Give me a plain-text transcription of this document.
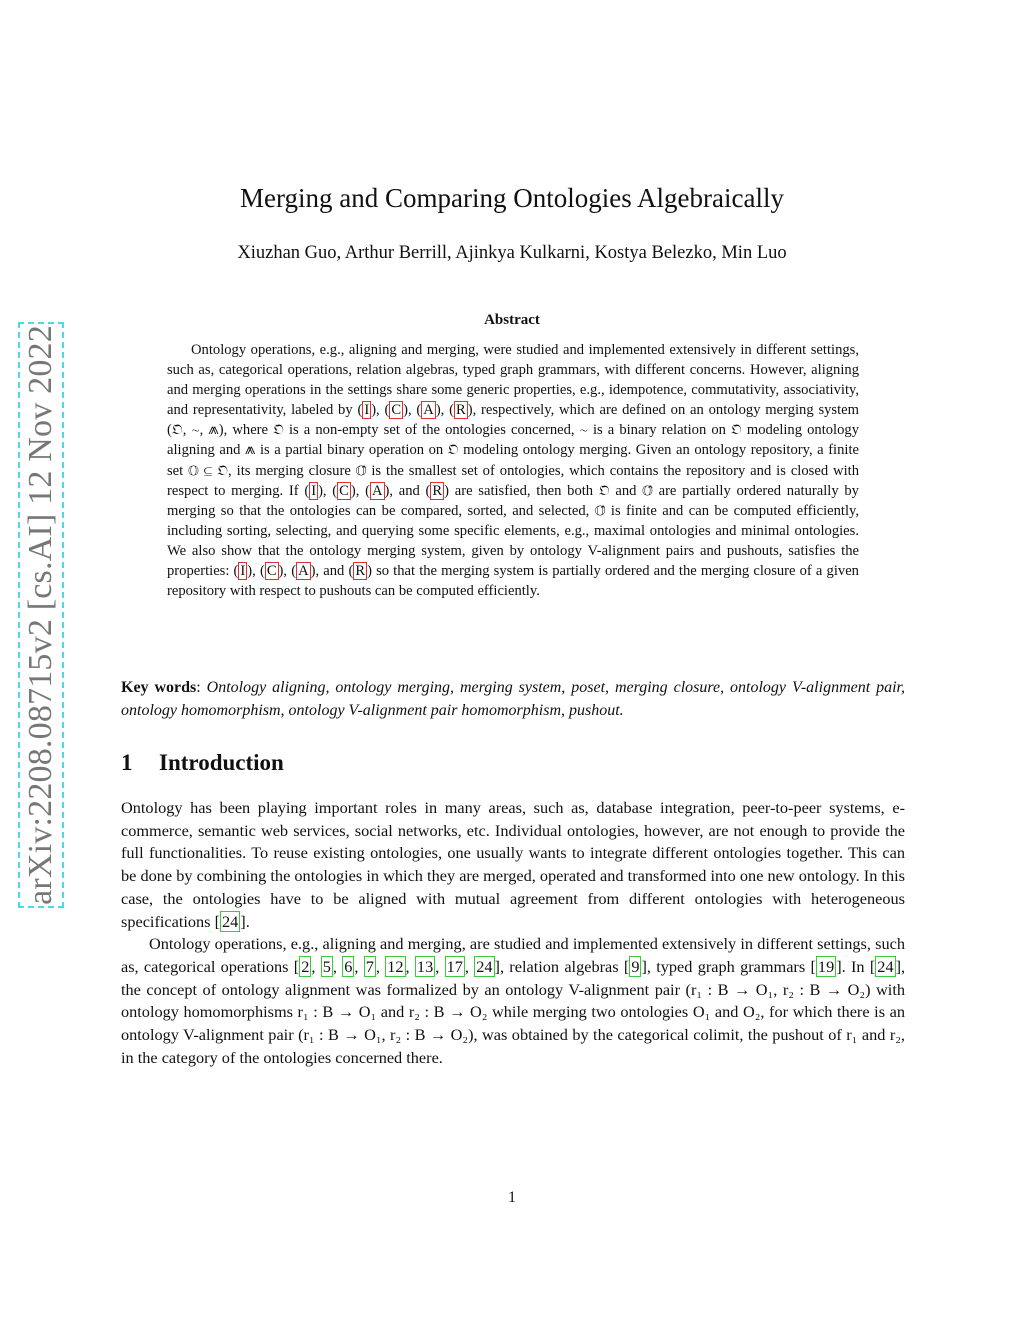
arXiv:2208.08715v2 [cs.AI] 12 Nov 2022
Merging and Comparing Ontologies Algebraically
Xiuzhan Guo, Arthur Berrill, Ajinkya Kulkarni, Kostya Belezko, Min Luo
Abstract

Ontology operations, e.g., aligning and merging, were studied and implemented extensively in different settings, such as, categorical operations, relation algebras, typed graph grammars, with different concerns. However, aligning and merging operations in the settings share some generic properties, e.g., idempotence, commutativity, associativity, and representativity, labeled by ( I ), ( C ), ( A ), ( R ), respectively, which are defined on an ontology merging system (𝔒, ∼, ⩕), where 𝔒 is a non-empty set of the ontologies concerned, ∼ is a binary relation on 𝔒 modeling ontology aligning and ⩕ is a partial binary operation on 𝔒 modeling ontology merging. Given an ontology repository, a finite set 𝕆 ⊆ 𝔒, its merging closure 𝕆̂ is the smallest set of ontologies, which contains the repository and is closed with respect to merging. If ( I ), ( C ), ( A ), and ( R ) are satisfied, then both 𝔒 and 𝕆̂ are partially ordered naturally by merging so that the ontologies can be compared, sorted, and selected, 𝕆̂ is finite and can be computed efficiently, including sorting, selecting, and querying some specific elements, e.g., maximal ontologies and minimal ontologies. We also show that the ontology merging system, given by ontology V-alignment pairs and pushouts, satisfies the properties: ( I ), ( C ), ( A ), and ( R ) so that the merging system is partially ordered and the merging closure of a given repository with respect to pushouts can be computed efficiently.

Key words: Ontology aligning, ontology merging, merging system, poset, merging closure, ontology V-alignment pair, ontology homomorphism, ontology V-alignment pair homomorphism, pushout.
1 Introduction

Ontology has been playing important roles in many areas, such as, database integration, peer-to-peer systems, e-commerce, semantic web services, social networks, etc. Individual ontologies, however, are not enough to provide the full functionalities. To reuse existing ontologies, one usually wants to integrate different ontologies together. This can be done by combining the ontologies in which they are merged, operated and transformed into one new ontology. In this case, the ontologies have to be aligned with mutual agreement from different ontologies with heterogeneous specifications [ 24 ].

Ontology operations, e.g., aligning and merging, are studied and implemented extensively in different settings, such as, categorical operations [ 2 , 5 , 6 , 7 , 12 , 13 , 17 , 24 ], relation algebras [ 9 ], typed graph grammars [ 19 ]. In [ 24 ], the concept of ontology alignment was formalized by an ontology V-alignment pair (r₁ : B → O₁, r₂ : B → O₂) with ontology homomorphisms r₁ : B → O₁ and r₂ : B → O₂ while merging two ontologies O₁ and O₂, for which there is an ontology V-alignment pair (r₁ : B → O₁, r₂ : B → O₂), was obtained by the categorical colimit, the pushout of r₁ and r₂, in the category of the ontologies concerned there.

1
